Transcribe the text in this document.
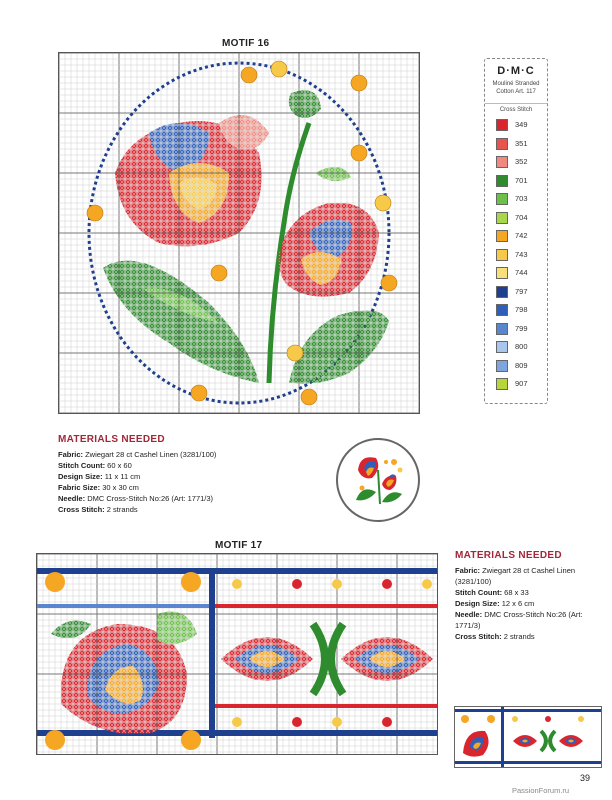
MOTIF 16
D·M·C
Mouliné Stranded
Cotton Art. 117
Cross Stitch
349
351
352
701
703
704
742
743
744
797
798
799
800
809
907
MATERIALS NEEDED
Fabric: Zwiegart 28 ct Cashel Linen (3281/100)
Stitch Count: 60 x 60
Design Size: 11 x 11 cm
Fabric Size: 30 x 30 cm
Needle: DMC Cross-Stitch No:26 (Art: 1771/3)
Cross Stitch: 2 strands
MOTIF 17
MATERIALS NEEDED
Fabric: Zwiegart 28 ct Cashel Linen (3281/100)
Stitch Count: 68 x 33
Design Size: 12 x 6 cm
Needle: DMC Cross-Stitch No:26 (Art: 1771/3)
Cross Stitch: 2 strands
39
PassionForum.ru
